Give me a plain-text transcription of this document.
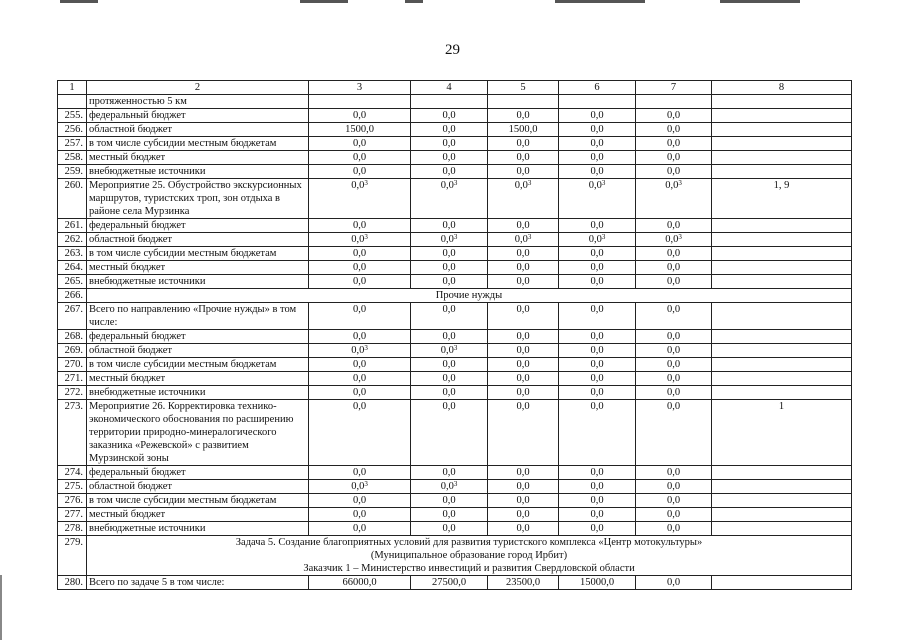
29
1	2	3	4	5	6	7	8
	протяженностью 5 км						
255.	федеральный бюджет	0,0	0,0	0,0	0,0	0,0	
256.	областной бюджет	1500,0	0,0	1500,0	0,0	0,0	
257.	в том числе субсидии местным бюджетам	0,0	0,0	0,0	0,0	0,0	
258.	местный бюджет	0,0	0,0	0,0	0,0	0,0	
259.	внебюджетные источники	0,0	0,0	0,0	0,0	0,0	
260.	Мероприятие 25. Обустройство экскурсионных маршрутов, туристских троп, зон отдыха в районе села Мурзинка	$0,0^3$	$0,0^3$	$0,0^3$	$0,0^3$	$0,0^3$	1, 9
261.	федеральный бюджет	0,0	0,0	0,0	0,0	0,0	
262.	областной бюджет	$0,0^3$	$0,0^3$	$0,0^3$	$0,0^3$	$0,0^3$	
263.	в том числе субсидии местным бюджетам	0,0	0,0	0,0	0,0	0,0	
264.	местный бюджет	0,0	0,0	0,0	0,0	0,0	
265.	внебюджетные источники	0,0	0,0	0,0	0,0	0,0	
266.	Прочие нужды						
267.	Всего по направлению «Прочие нужды» в том числе:	0,0	0,0	0,0	0,0	0,0	
268.	федеральный бюджет	0,0	0,0	0,0	0,0	0,0	
269.	областной бюджет	$0,0^3$	$0,0^3$	0,0	0,0	0,0	
270.	в том числе субсидии местным бюджетам	0,0	0,0	0,0	0,0	0,0	
271.	местный бюджет	0,0	0,0	0,0	0,0	0,0	
272.	внебюджетные источники	0,0	0,0	0,0	0,0	0,0	
273.	Мероприятие 26. Корректировка технико-экономического обоснования по расширению территории природно-минералогического заказника «Режевской» с развитием Мурзинской зоны	0,0	0,0	0,0	0,0	0,0	1
274.	федеральный бюджет	0,0	0,0	0,0	0,0	0,0	
275.	областной бюджет	$0,0^3$	$0,0^3$	0,0	0,0	0,0	
276.	в том числе субсидии местным бюджетам	0,0	0,0	0,0	0,0	0,0	
277.	местный бюджет	0,0	0,0	0,0	0,0	0,0	
278.	внебюджетные источники	0,0	0,0	0,0	0,0	0,0	
279.	Задача 5. Создание благоприятных условий для развития туристского комплекса «Центр мотокультуры»
(Муниципальное образование город Ирбит)
Заказчик 1 – Министерство инвестиций и развития Свердловской области						

280.	Всего по задаче 5 в том числе:	66000,0	27500,0	23500,0	15000,0	0,0	
